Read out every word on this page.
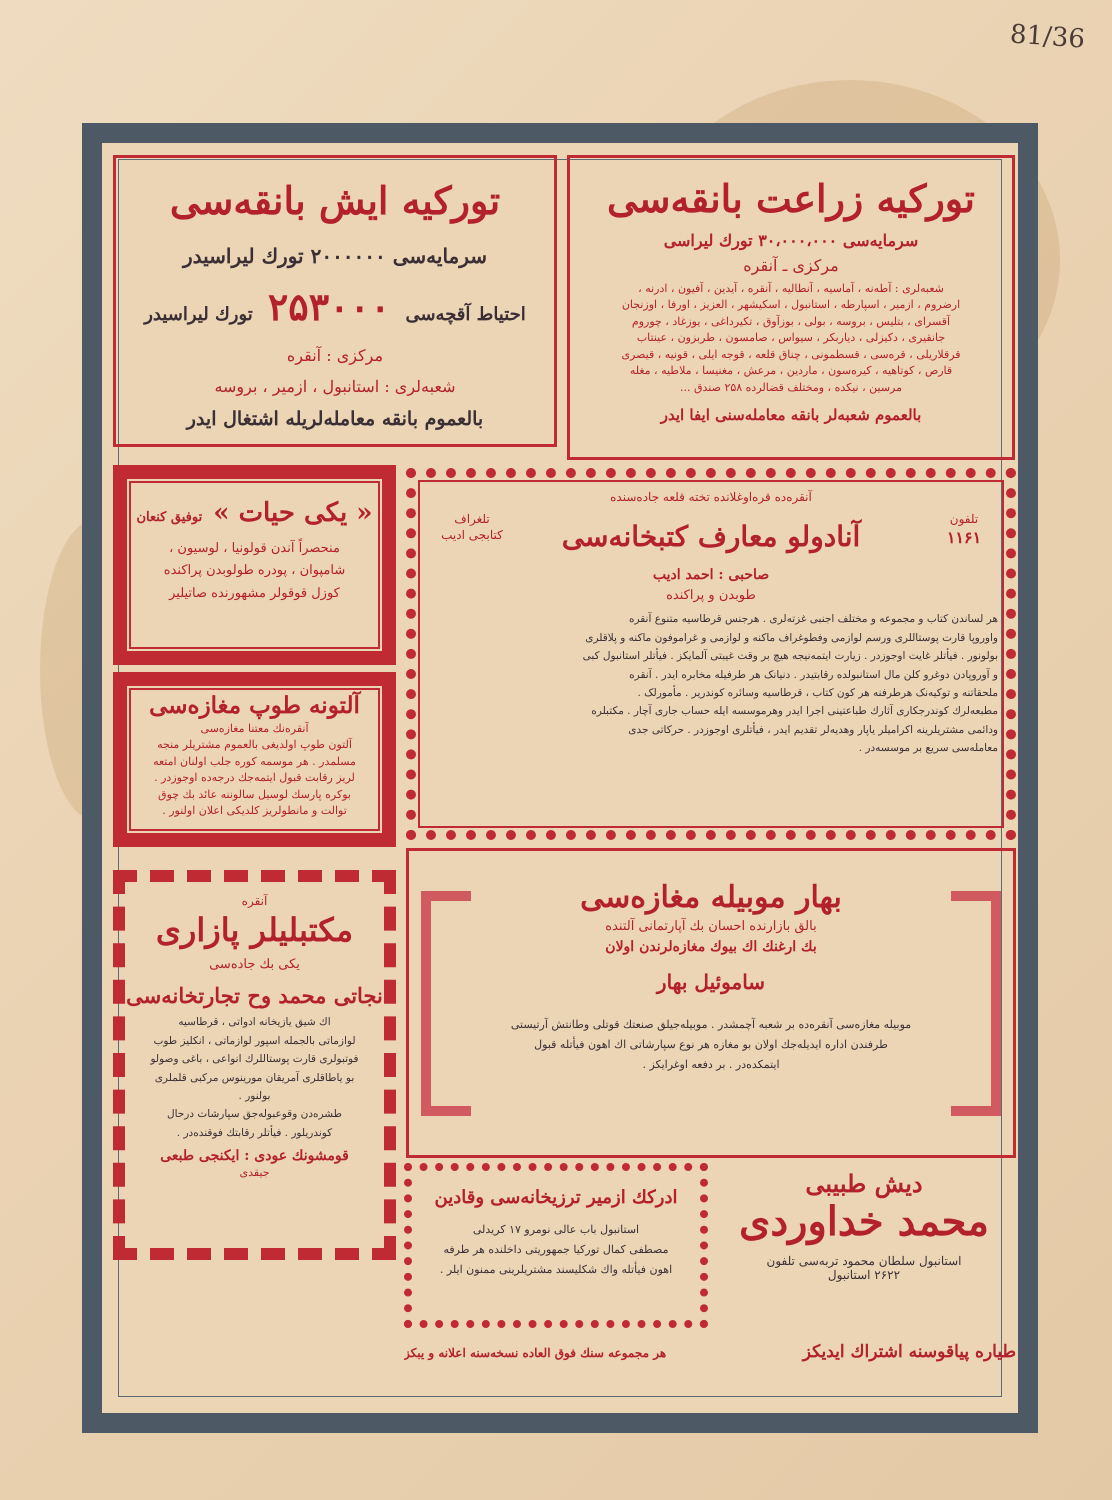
81/36
تورکیه ایش بانقه‌سی
سرمایه‌سی ۲۰۰۰۰۰۰ تورك لیراسیدر
احتیاط آقچه‌سی ۲۵۳۰۰۰ تورك لیراسیدر
مرکزی : آنقره
شعبه‌لری : استانبول ، ازمیر ، بروسه
بالعموم بانقه معامله‌لریله اشتغال ایدر
تورکیه زراعت بانقه‌سی
سرمایه‌سی ۳۰،۰۰۰،۰۰۰ تورك لیراسی
مرکزی ـ آنقره
شعبه‌لری : آطه‌نه ، آماسیه ، آنطالیه ، آنقره ، آیدین ، آفیون ، ادرنه ،
ارضروم ، ازمیر ، اسپارطه ، استانبول ، اسکیشهر ، العزیز ، اورفا ، اوزنجان
آقسرای ، بتلیس ، بروسه ، بولی ، بوزآوق ، تکیرداغی ، یوزغاد ، چوروم
جانقیری ، دکیزلی ، دیاربکر ، سیواس ، صامسون ، طربزون ، عینتاب
قرقلاریلی ، قره‌سی ، قسطمونی ، چناق قلعه ، قوجه ایلی ، قونیه ، قیصری
قارص ، کوتاهیه ، کیره‌سون ، ماردین ، مرعش ، مغنیسا ، ملاطیه ، مغله
مرسین ، نیکده ، ومختلف قضالرده ۲۵۸ صندق ...
بالعموم شعبه‌لر بانقه معامله‌سنی ایفا ایدر
« یکی حیات » توفیق کنعان
منحصراً آندن قولونیا ، لوسیون ،
شامپوان ، پودره طولوبدن پراکنده
کوزل قوقولر مشهورنده صاتیلیر
آلتونه طوپ مغازه‌سی
آنقره‌نك معتنا مغازه‌سی
آلتون طوپ اولدیغی بالعموم مشتریلر منجه
مسلمدر . هر موسمه کوره جلب اولنان امتعه
لریز رقابت قبول ایتمه‌جك درجه‌ده اوجوزدر .
بوکره پارسك لوسیل سالوننه عائد بك چوق
توالت و مانطولریز کلدیکی اعلان اولنور .
آنقره‌ده قره‌اوغلانده تخته قلعه جاده‌سنده
تلفون
۱۱۶۱
آنادولو معارف کتبخانه‌سی
تلغراف
کتابجی ادیب
صاحبی : احمد ادیب
طوبدن و پراکنده
هر لساندن کتاب و مجموعه و مختلف اجنبی غزته‌لری . هرجنس قرطاسیه متنوع آنقره
واوروپا قارت پوستاللری ورسم لوازمی وفطوغراف ماکنه و لوازمی و غراموفون ماکنه و پلاقلری
بولونور . فیأتلر غایت اوجوزدر . زیارت ایتمه‌نیجه هیچ بر وقت غیبتی آلمایکز . فیأتلر استانبول کبی
و آوروپادن دوغرو کلن مال استانبولده رقابتیدر . دنیانک هر طرفیله مخابره ایدر . آنقره
ملحقاتنه و توکیه‌نک هرطرفنه هر کون کتاب ، قرطاسیه وسائره کوندریر . مأمورلک .
مطبعه‌لرك کوندرجکاری آثارك طباعتینی اجرا ایدر وهرموسسه ایله حساب جاری آچار . مکتبلره
ودائمی مشتریلرینه اکرامیلر یاپار وهدیه‌لر تقدیم ایدر ، فیأتلری اوجوزدر . حرکاتی جدی
معامله‌سی سریع بر موسسه‌در .
بهار موبیله مغازه‌سی
بالق بازارنده احسان بك آپارتمانی آلتنده
بك ارغنك اك بیوك مغازه‌لرندن اولان
ساموئیل بهار
موبیله مغازه‌سی آنقره‌ده بر شعبه آچمشدر . موبیله‌جیلق صنعتك قوتلی وطانتش آرتیستی
طرفندن اداره ایدیله‌جك اولان بو مغازه هر نوع سپارشاتی اك اهون فیأتله قبول
ایتمکده‌در . بر دفعه اوغرایکز .
آنقره
مکتبلیلر پازاری
یکی بك جاده‌سی
نجاتی محمد وح تجارتخانه‌سی
اك شیق یازیخانه ادواتی ، قرطاسیه
لوازماتی بالجمله اسپور لوازماتی ، انکلیز طوب
فوتبولری قارت پوستاللرك انواعی ، باغی وصولو
بو یاطاقلری آمریقان مورینوس مرکبی قلملری
بولنور .
طشره‌دن وقوعبوله‌جق سپارشات درحال
کوندریلور . فیأتلر رقابتك فوقنده‌در .
قومشونك عودی : ایکنجی طبعی
جیقدی
ادرکك ازمیر ترزیخانه‌سی وقادین
استانبول باب عالی نومرو ۱۷ کریدلی
مصطفی کمال تورکیا جمهوریتی داخلنده هر طرفه
اهون فیأتله واك شکلیسند مشتریلرینی ممنون ایلر .
دیش طبیبی
محمد خداوردی
استانبول سلطان محمود تربه‌سی تلفون
۲۶۲۲ استانبول
طیاره پیاقوسنه اشتراك ایدیکز
هر مجموعه سنك فوق العاده نسخه‌سنه اعلانه و یبکز
